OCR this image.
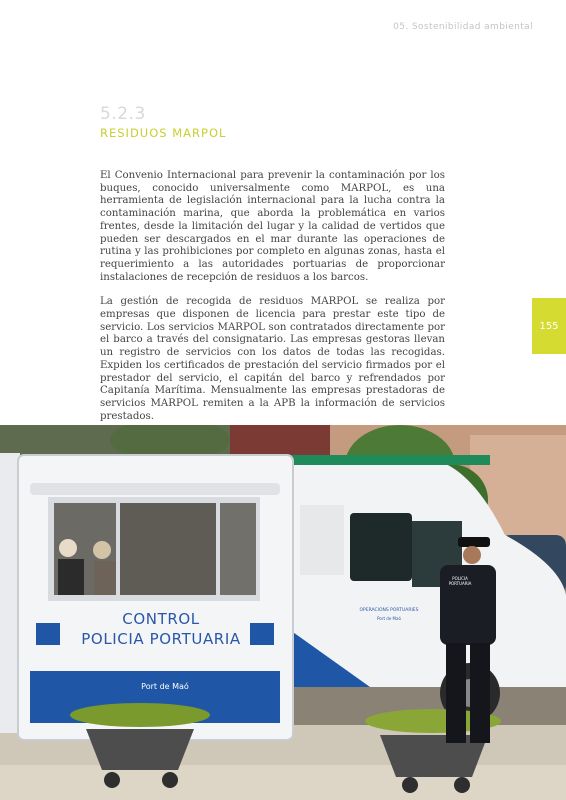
05. Sostenibilidad ambiental
5.2.3
RESIDUOS MARPOL

El Convenio Internacional para prevenir la contaminación por los buques, conocido universalmente como MARPOL, es una herramienta de legislación internacional para la lucha contra la contaminación marina, que aborda la problemática en varios frentes, desde la limitación del lugar y la calidad de vertidos que pueden ser descargados en el mar durante las operaciones de rutina y las prohibiciones por completo en algunas zonas, hasta el requerimiento a las autoridades portuarias de proporcionar instalaciones de recepción de residuos a los barcos.

La gestión de recogida de residuos MARPOL se realiza por empresas que disponen de licencia para prestar este tipo de servicio. Los servicios MARPOL son contratados directamente por el barco a través del consignatario. Las empresas gestoras llevan un registro de servicios con los datos de todas las recogidas. Expiden los certificados de prestación del servicio firmados por el prestador del servicio, el capitán del barco y refrendados por Capitanía Marítima. Mensualmente las empresas prestadoras de servicios MARPOL remiten a la APB la información de servicios prestados.

155
CONTROL
POLICIA PORTUARIA
Port de Maó
OPERACIONS PORTUARIES
Port de Maó
POLICIA PORTUARIA
